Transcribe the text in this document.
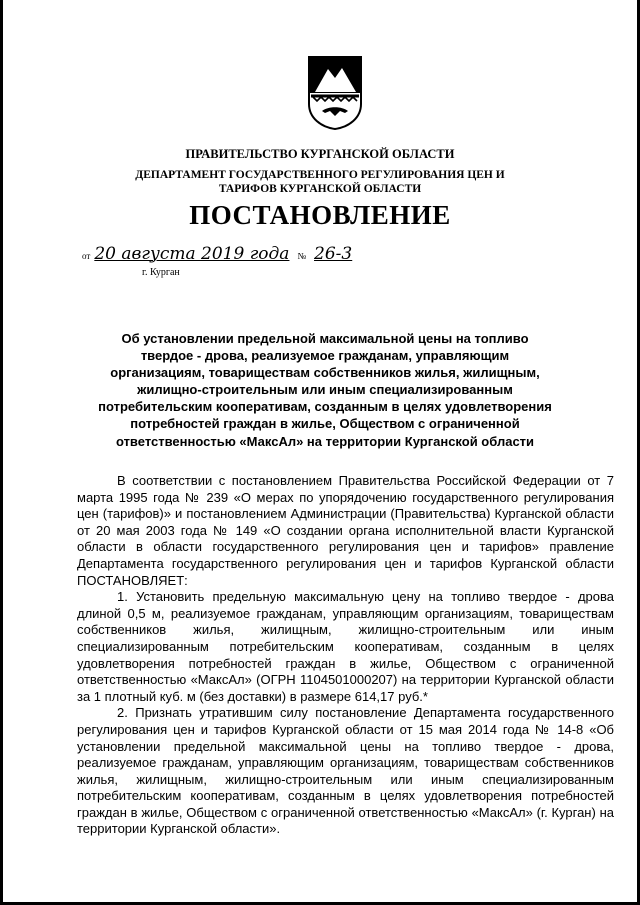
ПРАВИТЕЛЬСТВО КУРГАНСКОЙ ОБЛАСТИ
ДЕПАРТАМЕНТ ГОСУДАРСТВЕННОГО РЕГУЛИРОВАНИЯ ЦЕН И ТАРИФОВ КУРГАНСКОЙ ОБЛАСТИ
ПОСТАНОВЛЕНИЕ
от 20 августа 2019 года № 26-3
г. Курган
Об установлении предельной максимальной цены на топливо твердое - дрова, реализуемое гражданам, управляющим организациям, товариществам собственников жилья, жилищным, жилищно-строительным или иным специализированным потребительским кооперативам, созданным в целях удовлетворения потребностей граждан в жилье, Обществом с ограниченной ответственностью «МаксАл» на территории Курганской области

В соответствии с постановлением Правительства Российской Федерации от 7 марта 1995 года № 239 «О мерах по упорядочению государственного регулирования цен (тарифов)» и постановлением Администрации (Правительства) Курганской области от 20 мая 2003 года № 149 «О создании органа исполнительной власти Курганской области в области государственного регулирования цен и тарифов» правление Департамента государственного регулирования цен и тарифов Курганской области ПОСТАНОВЛЯЕТ:

1. Установить предельную максимальную цену на топливо твердое - дрова длиной 0,5 м, реализуемое гражданам, управляющим организациям, товариществам собственников жилья, жилищным, жилищно-строительным или иным специализированным потребительским кооперативам, созданным в целях удовлетворения потребностей граждан в жилье, Обществом с ограниченной ответственностью «МаксАл» (ОГРН 1104501000207) на территории Курганской области за 1 плотный куб. м (без доставки) в размере 614,17 руб.*

2. Признать утратившим силу постановление Департамента государственного регулирования цен и тарифов Курганской области от 15 мая 2014 года № 14-8 «Об установлении предельной максимальной цены на топливо твердое - дрова, реализуемое гражданам, управляющим организациям, товариществам собственников жилья, жилищным, жилищно-строительным или иным специализированным потребительским кооперативам, созданным в целях удовлетворения потребностей граждан в жилье, Обществом с ограниченной ответственностью «МаксАл» (г. Курган) на территории Курганской области».
